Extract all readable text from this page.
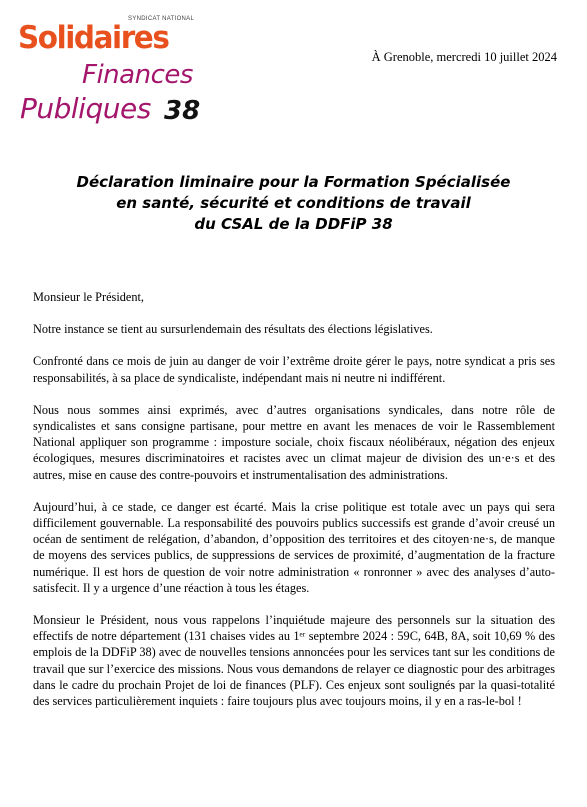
SYNDICAT NATIONAL
Solidaires
Finances
Publiques 38
À Grenoble, mercredi 10 juillet 2024
Déclaration liminaire pour la Formation Spécialisée
en santé, sécurité et conditions de travail
du CSAL de la DDFiP 38

Monsieur le Président,

Notre instance se tient au sursurlendemain des résultats des élections législatives.

Confronté dans ce mois de juin au danger de voir l’extrême droite gérer le pays, notre syndicat a pris ses responsabilités, à sa place de syndicaliste, indépendant mais ni neutre ni indifférent.

Nous nous sommes ainsi exprimés, avec d’autres organisations syndicales, dans notre rôle de syndicalistes et sans consigne partisane, pour mettre en avant les menaces de voir le Rassemblement National appliquer son programme : imposture sociale, choix fiscaux néolibéraux, négation des enjeux écologiques, mesures discriminatoires et racistes avec un climat majeur de division des un·e·s et des autres, mise en cause des contre-pouvoirs et instrumentalisation des administrations.

Aujourd’hui, à ce stade, ce danger est écarté. Mais la crise politique est totale avec un pays qui sera difficilement gouvernable. La responsabilité des pouvoirs publics successifs est grande d’avoir creusé un océan de sentiment de relégation, d’abandon, d’opposition des territoires et des citoyen·ne·s, de manque de moyens des services publics, de suppressions de services de proximité, d’augmentation de la fracture numérique. Il est hors de question de voir notre administration « ronronner » avec des analyses d’auto-satisfecit. Il y a urgence d’une réaction à tous les étages.

Monsieur le Président, nous vous rappelons l’inquiétude majeure des personnels sur la situation des effectifs de notre département (131 chaises vides au 1ᵉʳ septembre 2024 : 59C, 64B, 8A, soit 10,69 % des emplois de la DDFiP 38) avec de nouvelles tensions annoncées pour les services tant sur les conditions de travail que sur l’exercice des missions. Nous vous demandons de relayer ce diagnostic pour des arbitrages dans le cadre du prochain Projet de loi de finances (PLF). Ces enjeux sont soulignés par la quasi-totalité des services particulièrement inquiets : faire toujours plus avec toujours moins, il y en a ras-le-bol !
